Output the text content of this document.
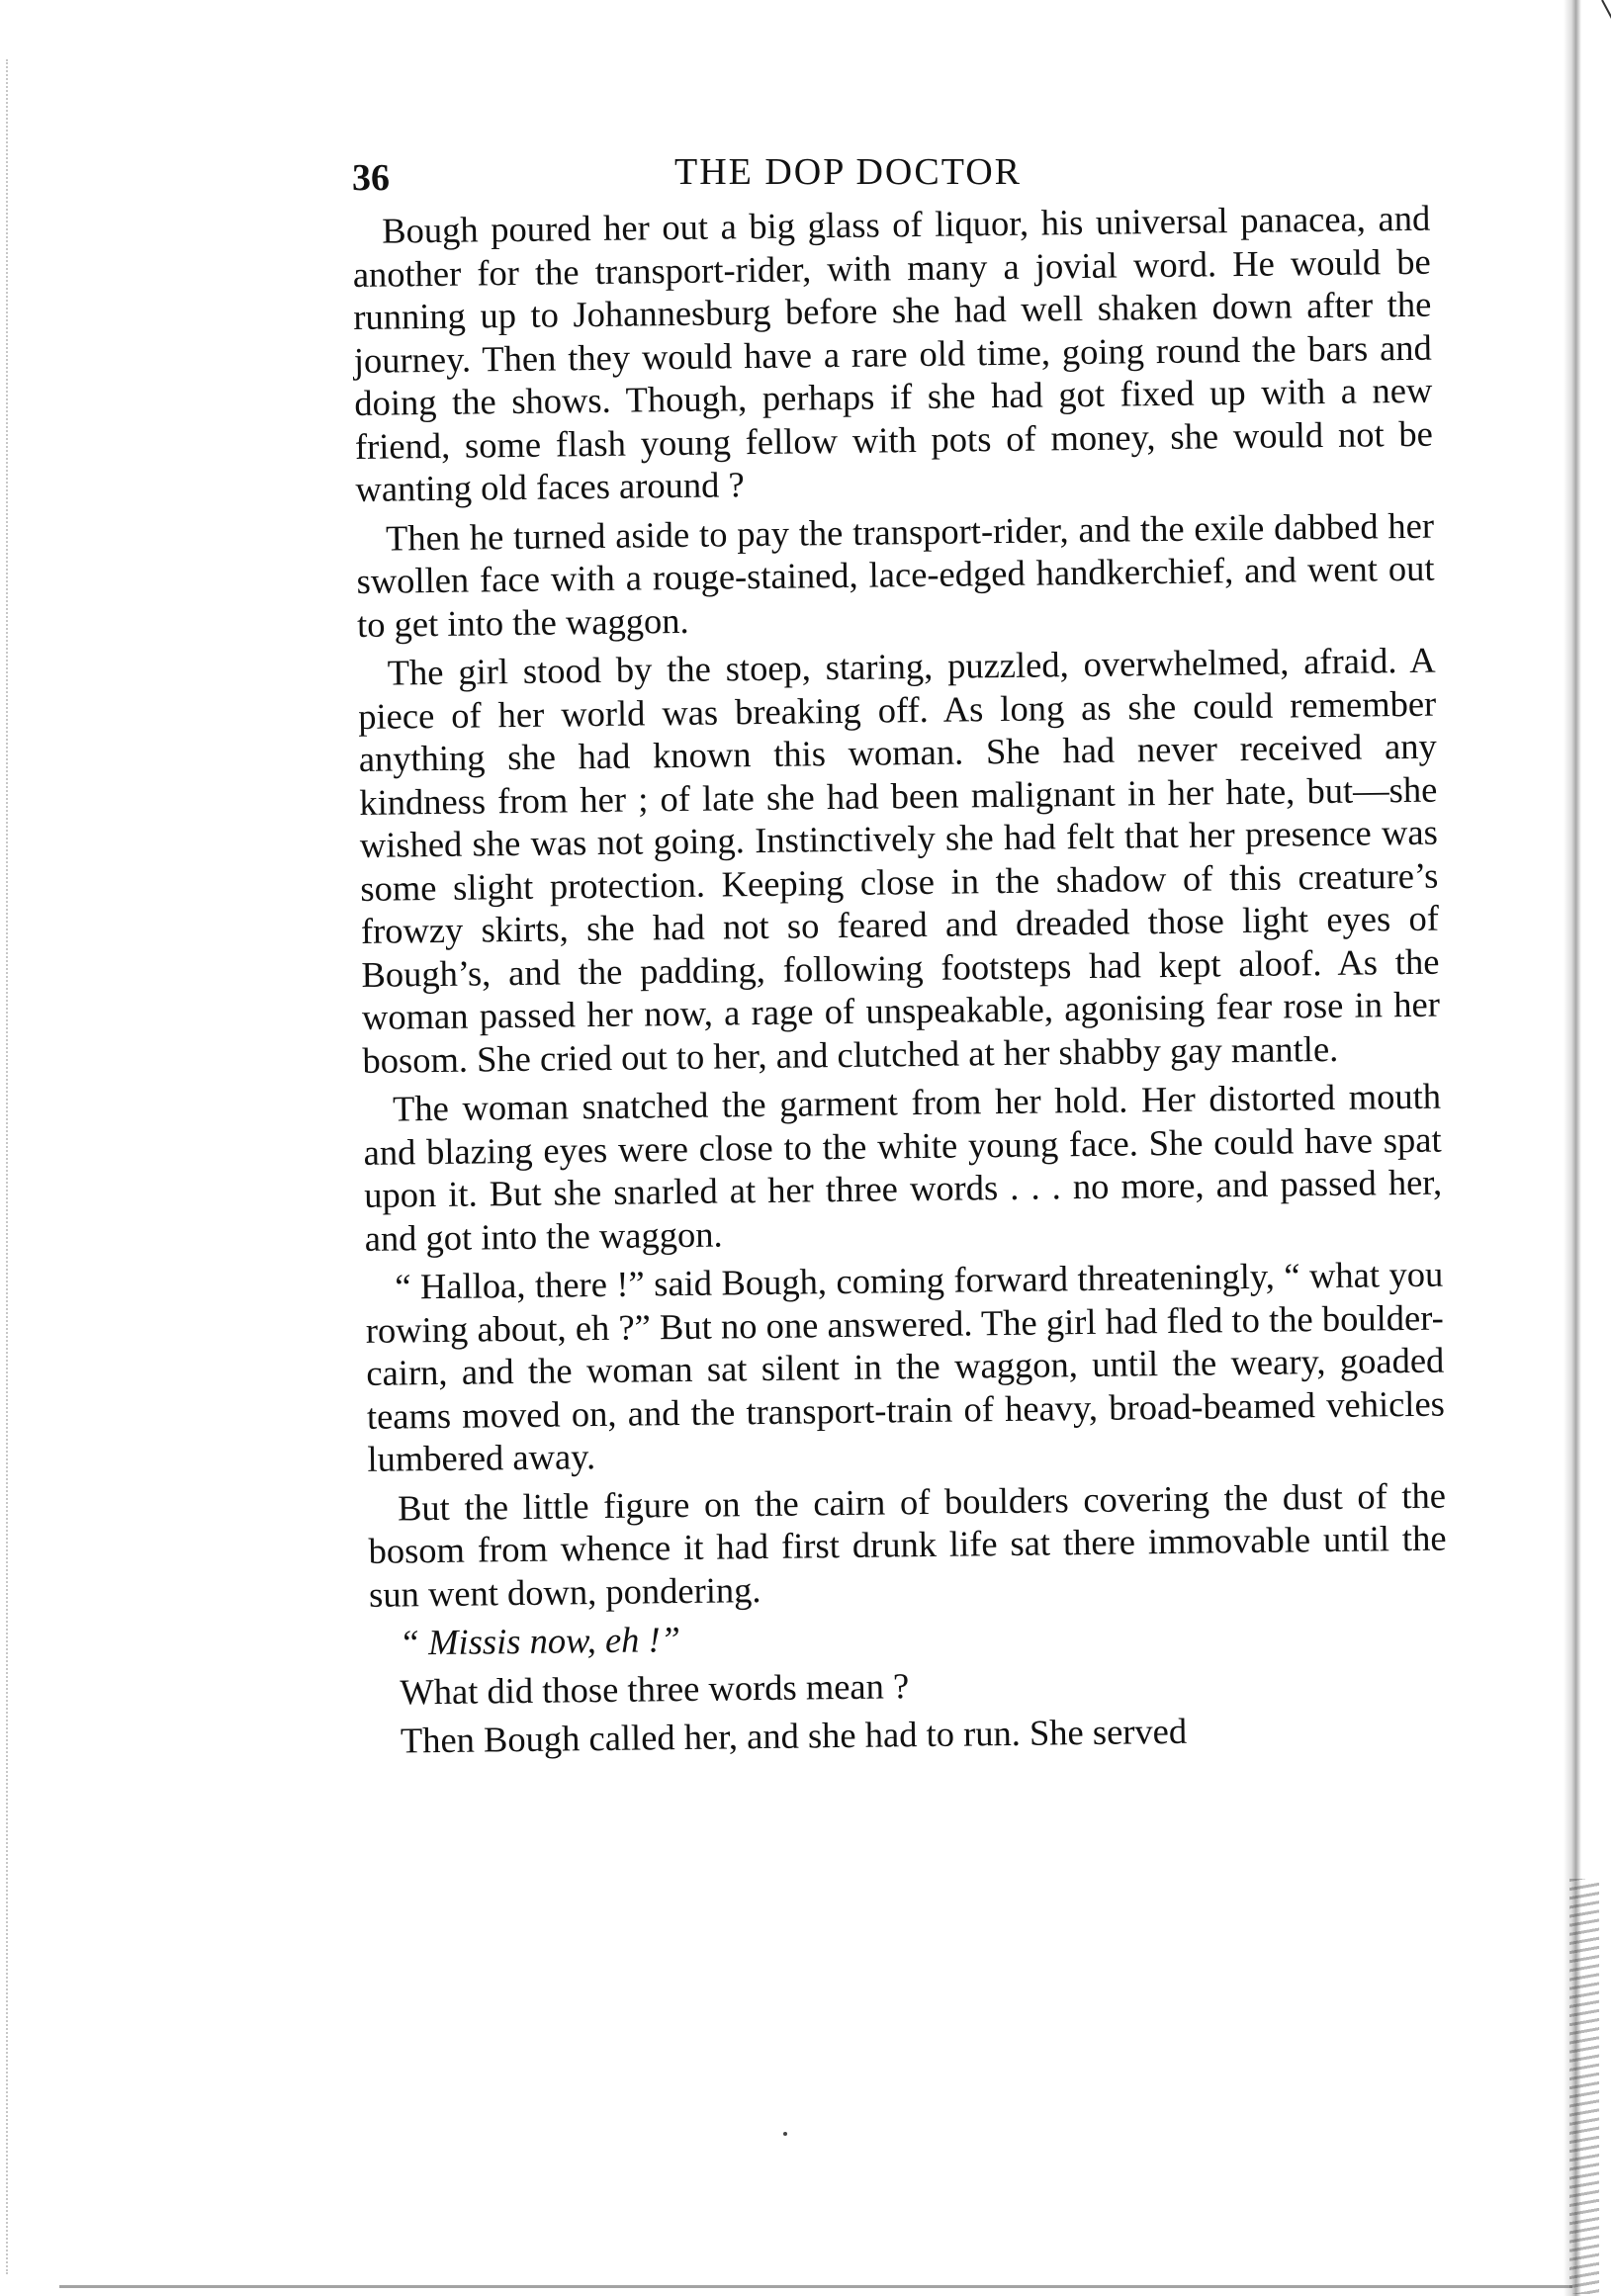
36	THE DOP DOCTOR

Bough poured her out a big glass of liquor, his universal panacea, and another for the transport-rider, with many a jovial word. He would be running up to Johannesburg before she had well shaken down after the journey. Then they would have a rare old time, going round the bars and doing the shows. Though, perhaps if she had got fixed up with a new friend, some flash young fellow with pots of money, she would not be wanting old faces around ?

Then he turned aside to pay the transport-rider, and the exile dabbed her swollen face with a rouge-stained, lace-edged handkerchief, and went out to get into the waggon.

The girl stood by the stoep, staring, puzzled, overwhelmed, afraid. A piece of her world was breaking off. As long as she could remember anything she had known this woman. She had never received any kindness from her ; of late she had been malignant in her hate, but—she wished she was not going. Instinctively she had felt that her presence was some slight protection. Keeping close in the shadow of this creature’s frowzy skirts, she had not so feared and dreaded those light eyes of Bough’s, and the padding, following footsteps had kept aloof. As the woman passed her now, a rage of unspeakable, agonising fear rose in her bosom. She cried out to her, and clutched at her shabby gay mantle.

The woman snatched the garment from her hold. Her distorted mouth and blazing eyes were close to the white young face. She could have spat upon it. But she snarled at her three words . . . no more, and passed her, and got into the waggon.

“ Halloa, there !” said Bough, coming forward threateningly, “ what you rowing about, eh ?” But no one answered. The girl had fled to the boulder-cairn, and the woman sat silent in the waggon, until the weary, goaded teams moved on, and the transport-train of heavy, broad-beamed vehicles lumbered away.

But the little figure on the cairn of boulders covering the dust of the bosom from whence it had first drunk life sat there immovable until the sun went down, pondering.

“ Missis now, eh !”

What did those three words mean ?

Then Bough called her, and she had to run. She served
